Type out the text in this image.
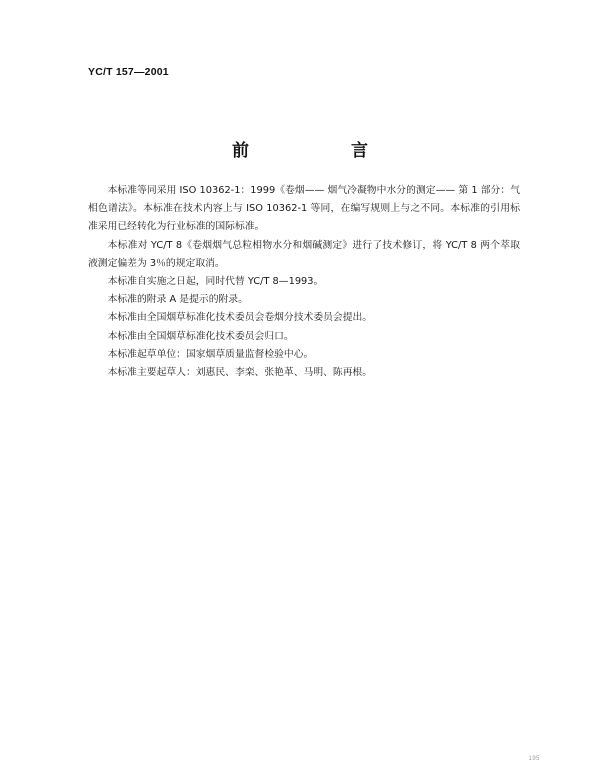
YC/T 157—2001
前 言

本标准等同采用 ISO 10362-1：1999《卷烟—— 烟气冷凝物中水分的测定—— 第 1 部分：气相色谱法》。本标准在技术内容上与 ISO 10362-1 等同，在编写规则上与之不同。本标准的引用标准采用已经转化为行业标准的国际标准。

本标准对 YC/T 8《卷烟烟气总粒相物水分和烟碱测定》进行了技术修订，将 YC/T 8 两个萃取液测定偏差为 3％的规定取消。

本标准自实施之日起，同时代替 YC/T 8—1993。

本标准的附录 A 是提示的附录。

本标准由全国烟草标准化技术委员会卷烟分技术委员会提出。

本标准由全国烟草标准化技术委员会归口。

本标准起草单位：国家烟草质量监督检验中心。

本标准主要起草人：刘惠民、李栾、张艳革、马明、陈再根。

195
